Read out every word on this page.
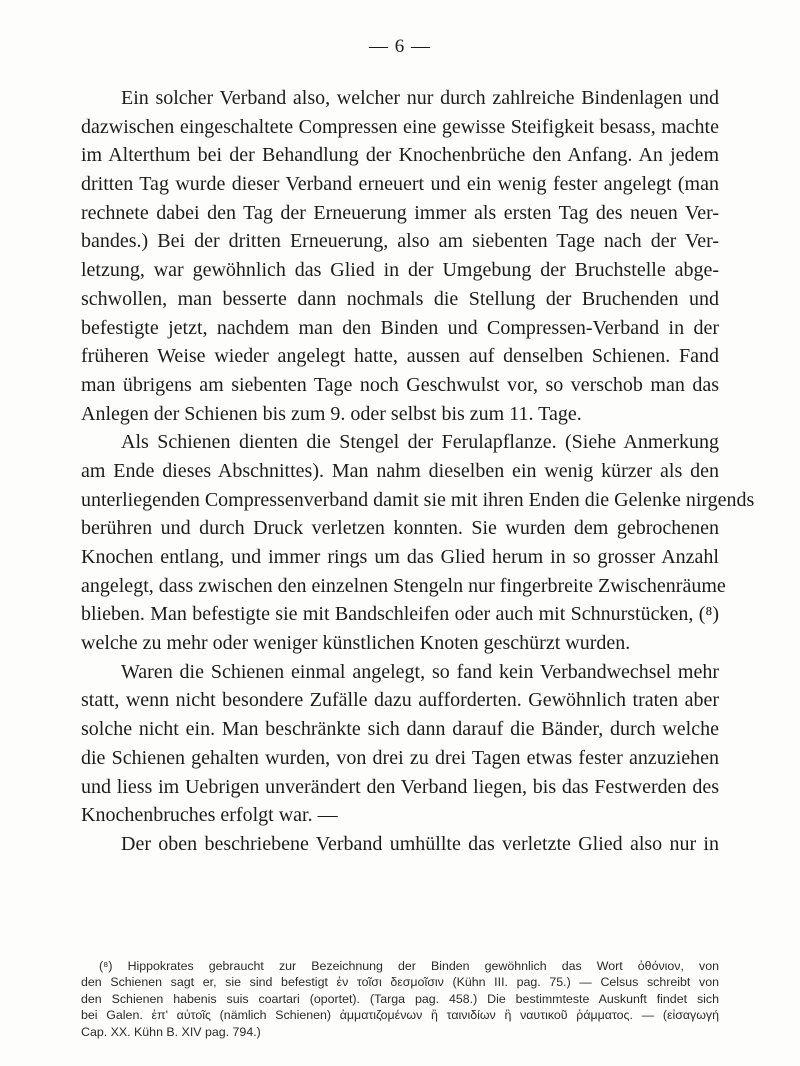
— 6 —
Ein solcher Verband also, welcher nur durch zahlreiche Bindenlagen und
dazwischen eingeschaltete Compressen eine gewisse Steifigkeit besass, machte
im Alterthum bei der Behandlung der Knochenbrüche den Anfang. An jedem
dritten Tag wurde dieser Verband erneuert und ein wenig fester angelegt (man
rechnete dabei den Tag der Erneuerung immer als ersten Tag des neuen Ver-
bandes.) Bei der dritten Erneuerung, also am siebenten Tage nach der Ver-
letzung, war gewöhnlich das Glied in der Umgebung der Bruchstelle abge-
schwollen, man besserte dann nochmals die Stellung der Bruchenden und
befestigte jetzt, nachdem man den Binden und Compressen-Verband in der
früheren Weise wieder angelegt hatte, aussen auf denselben Schienen. Fand
man übrigens am siebenten Tage noch Geschwulst vor, so verschob man das
Anlegen der Schienen bis zum 9. oder selbst bis zum 11. Tage.
Als Schienen dienten die Stengel der Ferulapflanze. (Siehe Anmerkung
am Ende dieses Abschnittes). Man nahm dieselben ein wenig kürzer als den
unterliegenden Compressenverband damit sie mit ihren Enden die Gelenke nirgends
berühren und durch Druck verletzen konnten. Sie wurden dem gebrochenen
Knochen entlang, und immer rings um das Glied herum in so grosser Anzahl
angelegt, dass zwischen den einzelnen Stengeln nur fingerbreite Zwischenräume
blieben. Man befestigte sie mit Bandschleifen oder auch mit Schnurstücken, (⁸)
welche zu mehr oder weniger künstlichen Knoten geschürzt wurden.
Waren die Schienen einmal angelegt, so fand kein Verbandwechsel mehr
statt, wenn nicht besondere Zufälle dazu aufforderten. Gewöhnlich traten aber
solche nicht ein. Man beschränkte sich dann darauf die Bänder, durch welche
die Schienen gehalten wurden, von drei zu drei Tagen etwas fester anzuziehen
und liess im Uebrigen unverändert den Verband liegen, bis das Festwerden des
Knochenbruches erfolgt war. —
Der oben beschriebene Verband umhüllte das verletzte Glied also nur in
(⁸) Hippokrates gebraucht zur Bezeichnung der Binden gewöhnlich das Wort ὀθόνιον, von
den Schienen sagt er, sie sind befestigt ἐν τοῖσι δεσμοῖσιν (Kühn III. pag. 75.) — Celsus schreibt von
den Schienen habenis suis coartari (oportet). (Targa pag. 458.) Die bestimmteste Auskunft findet sich
bei Galen. ἐπ' αὐτοῖς (nämlich Schienen) ἀμματιζομένων ἢ ταινιδίων ἢ ναυτικοῦ ῥάμματος. — (εἰσαγωγή
Cap. XX. Kühn B. XIV pag. 794.)
